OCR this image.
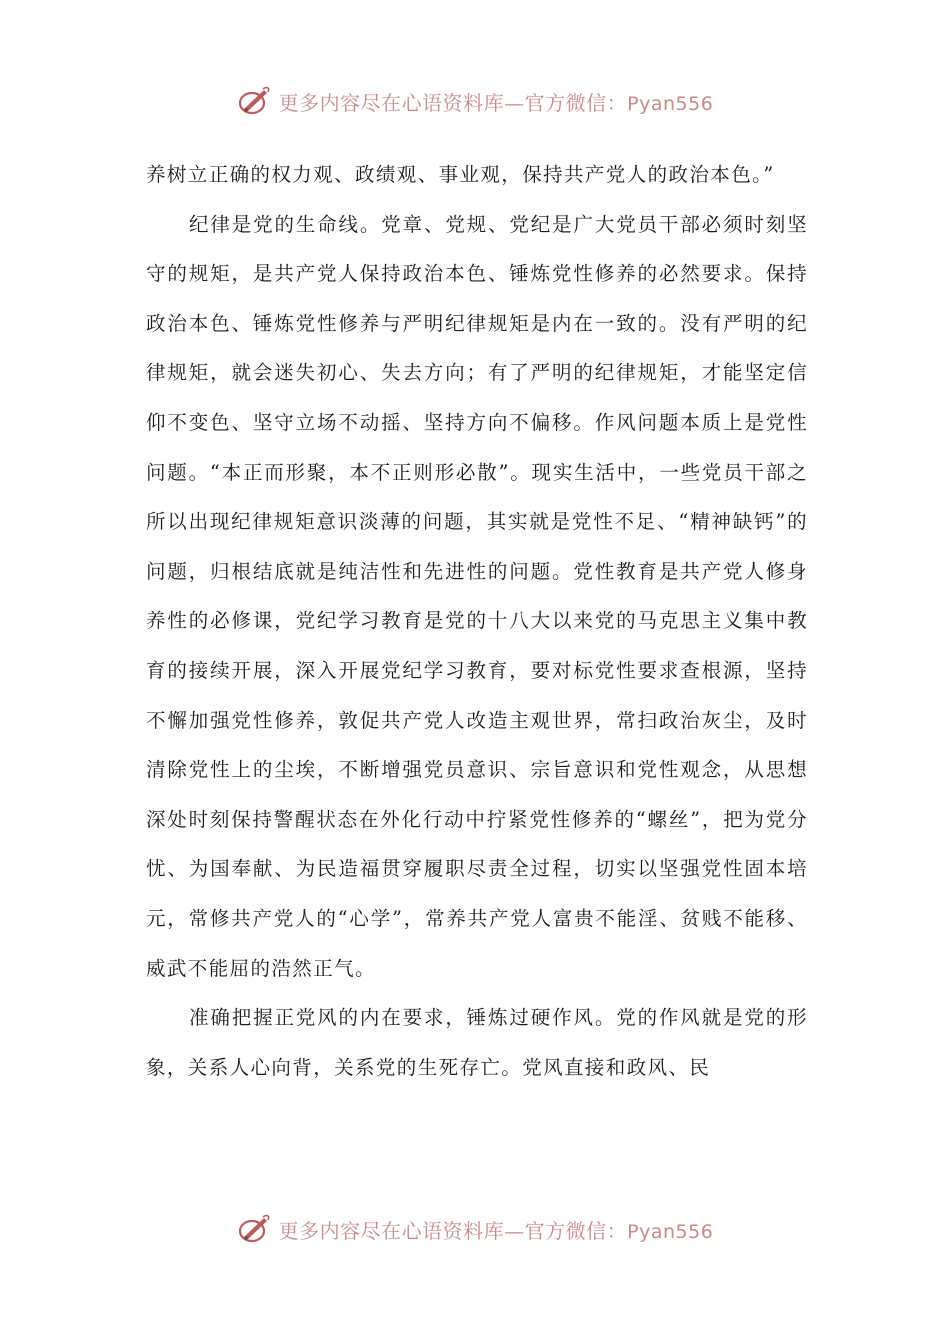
更多内容尽在心语资料库—官方微信：Pyan556

养树立正确的权力观、政绩观、事业观，保持共产党人的政治本色。”

纪律是党的生命线。党章、党规、党纪是广大党员干部必须时刻坚守的规矩，是共产党人保持政治本色、锤炼党性修养的必然要求。保持政治本色、锤炼党性修养与严明纪律规矩是内在一致的。没有严明的纪律规矩，就会迷失初心、失去方向；有了严明的纪律规矩，才能坚定信仰不变色、坚守立场不动摇、坚持方向不偏移。作风问题本质上是党性问题。“本正而形聚，本不正则形必散”。现实生活中，一些党员干部之所以出现纪律规矩意识淡薄的问题，其实就是党性不足、“精神缺钙”的问题，归根结底就是纯洁性和先进性的问题。党性教育是共产党人修身养性的必修课，党纪学习教育是党的十八大以来党的马克思主义集中教育的接续开展，深入开展党纪学习教育，要对标党性要求查根源，坚持不懈加强党性修养，敦促共产党人改造主观世界，常扫政治灰尘，及时清除党性上的尘埃，不断增强党员意识、宗旨意识和党性观念，从思想深处时刻保持警醒状态在外化行动中拧紧党性修养的“螺丝”，把为党分忧、为国奉献、为民造福贯穿履职尽责全过程，切实以坚强党性固本培元，常修共产党人的“心学”，常养共产党人富贵不能淫、贫贱不能移、威武不能屈的浩然正气。

准确把握正党风的内在要求，锤炼过硬作风。党的作风就是党的形象，关系人心向背，关系党的生死存亡。党风直接和政风、民

更多内容尽在心语资料库—官方微信：Pyan556
